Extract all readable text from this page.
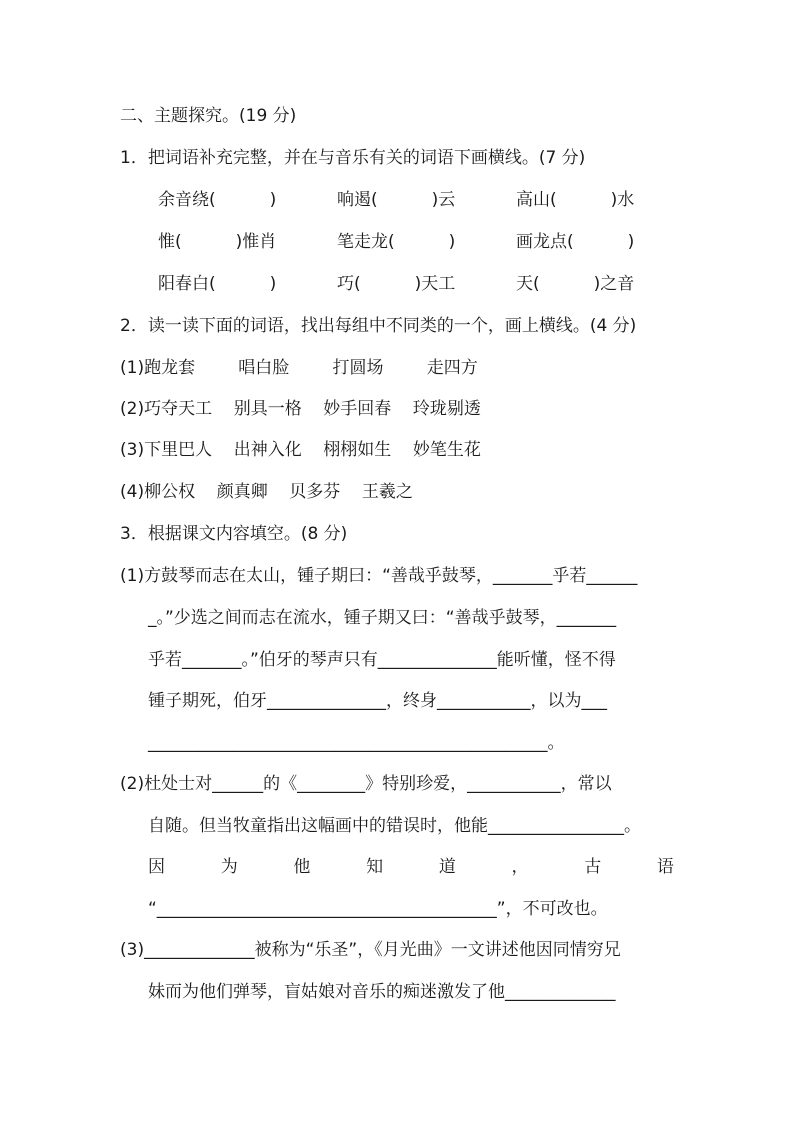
二、主题探究。(19 分)
1．把词语补充完整，并在与音乐有关的词语下画横线。(7 分)
余音绕(          )	响遏(          )云	高山(          )水
惟(          )惟肖	笔走龙(          )	画龙点(          )
阳春白(          )	巧(          )天工	天(          )之音
2．读一读下面的词语，找出每组中不同类的一个，画上横线。(4 分)
(1)跑龙套        唱白脸        打圆场        走四方
(2)巧夺天工    别具一格    妙手回春    玲珑剔透
(3)下里巴人    出神入化    栩栩如生    妙笔生花
(4)柳公权    颜真卿    贝多芬    王羲之
3．根据课文内容填空。(8 分)
(1)方鼓琴而志在太山，锺子期曰：“善哉乎鼓琴，_______乎若______
_。”少选之间而志在流水，锺子期又曰：“善哉乎鼓琴，_______
乎若_______。”伯牙的琴声只有______________能听懂，怪不得
锺子期死，伯牙______________，终身___________，以为___
_______________________________________________。
(2)杜处士对______的《________》特别珍爱，___________，常以
自随。但当牧童指出这幅画中的错误时，他能________________。
因	为	他	知	道	，	古	语
“________________________________________”，不可改也。
(3)_____________被称为“乐圣”，《月光曲》一文讲述他因同情穷兄
妹而为他们弹琴，盲姑娘对音乐的痴迷激发了他_____________
